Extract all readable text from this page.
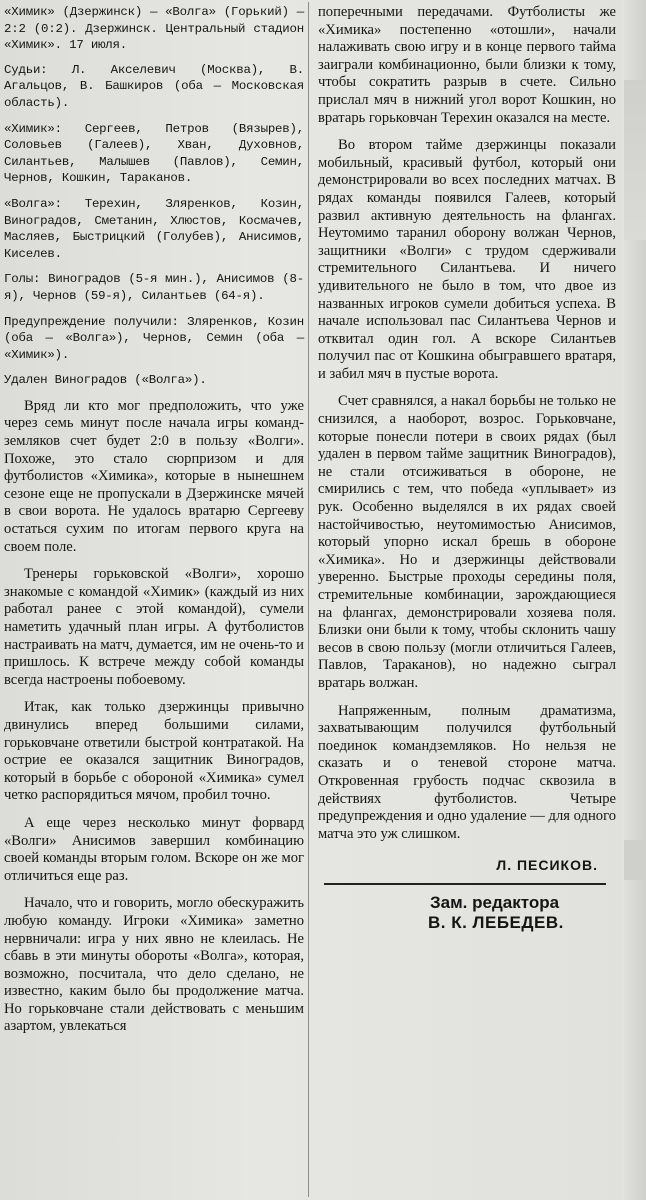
«Химик» (Дзержинск) — «Волга» (Горький) — 2:2 (0:2). Дзержинск. Центральный стадион «Химик». 17 июля.

Судьи: Л. Акселевич (Москва), В. Агальцов, В. Башкиров (оба — Московская область).

«Химик»: Сергеев, Петров (Вязырев), Соловьев (Галеев), Хван, Духовнов, Силантьев, Малышев (Павлов), Семин, Чернов, Кошкин, Тараканов.

«Волга»: Терехин, Зляренков, Козин, Виноградов, Сметанин, Хлюстов, Космачев, Масляев, Быстрицкий (Голубев), Анисимов, Киселев.

Голы: Виноградов (5-я мин.), Анисимов (8-я), Чернов (59-я), Силантьев (64-я).

Предупреждение получили: Зляренков, Козин (оба — «Волга»), Чернов, Семин (оба — «Химик»).

Удален Виноградов («Волга»).

Вряд ли кто мог предположить, что уже через семь минут после начала игры команд-земляков счет будет 2:0 в пользу «Волги». Похоже, это стало сюрпризом и для футболистов «Химика», которые в нынешнем сезоне еще не пропускали в Дзержинске мячей в свои ворота. Не удалось вратарю Сергееву остаться сухим по итогам первого круга на своем поле.

Тренеры горьковской «Волги», хорошо знакомые с командой «Химик» (каждый из них работал ранее с этой командой), сумели наметить удачный план игры. А футболистов настраивать на матч, думается, им не очень-то и пришлось. К встрече между собой команды всегда настроены побоевому.

Итак, как только дзержинцы привычно двинулись вперед большими силами, горьковчане ответили быстрой контратакой. На острие ее оказался защитник Виноградов, который в борьбе с обороной «Химика» сумел четко распорядиться мячом, пробил точно.

А еще через несколько минут форвард «Волги» Анисимов завершил комбинацию своей команды вторым голом. Вскоре он же мог отличиться еще раз.

Начало, что и говорить, могло обескуражить любую команду. Игроки «Химика» заметно нервничали: игра у них явно не клеилась. Не сбавь в эти минуты обороты «Волга», которая, возможно, посчитала, что дело сделано, не известно, каким было бы продолжение матча. Но горьковчане стали действовать с меньшим азартом, увлекаться

поперечными передачами. Футболисты же «Химика» постепенно «отошли», начали налаживать свою игру и в конце первого тайма заиграли комбинационно, были близки к тому, чтобы сократить разрыв в счете. Сильно прислал мяч в нижний угол ворот Кошкин, но вратарь горьковчан Терехин оказался на месте.

Во втором тайме дзержинцы показали мобильный, красивый футбол, который они демонстрировали во всех последних матчах. В рядах команды появился Галеев, который развил активную деятельность на флангах. Неутомимо таранил оборону волжан Чернов, защитники «Волги» с трудом сдерживали стремительного Силантьева. И ничего удивительного не было в том, что двое из названных игроков сумели добиться успеха. В начале использовал пас Силантьева Чернов и отквитал один гол. А вскоре Силантьев получил пас от Кошкина обыгравшего вратаря, и забил мяч в пустые ворота.

Счет сравнялся, а накал борьбы не только не снизился, а наоборот, возрос. Горьковчане, которые понесли потери в своих рядах (был удален в первом тайме защитник Виноградов), не стали отсиживаться в обороне, не смирились с тем, что победа «уплывает» из рук. Особенно выделялся в их рядах своей настойчивостью, неутомимостью Анисимов, который упорно искал брешь в обороне «Химика». Но и дзержинцы действовали уверенно. Быстрые проходы середины поля, стремительные комбинации, зарождающиеся на флангах, демонстрировали хозяева поля. Близки они были к тому, чтобы склонить чашу весов в свою пользу (могли отличиться Галеев, Павлов, Тараканов), но надежно сыграл вратарь волжан.

Напряженным, полным драматизма, захватывающим получился футбольный поединок командземляков. Но нельзя не сказать и о теневой стороне матча. Откровенная грубость подчас сквозила в действиях футболистов. Четыре предупреждения и одно удаление — для одного матча это уж слишком.

Л. ПЕСИКОВ.
Зам. редактора
В. К. ЛЕБЕДЕВ.
